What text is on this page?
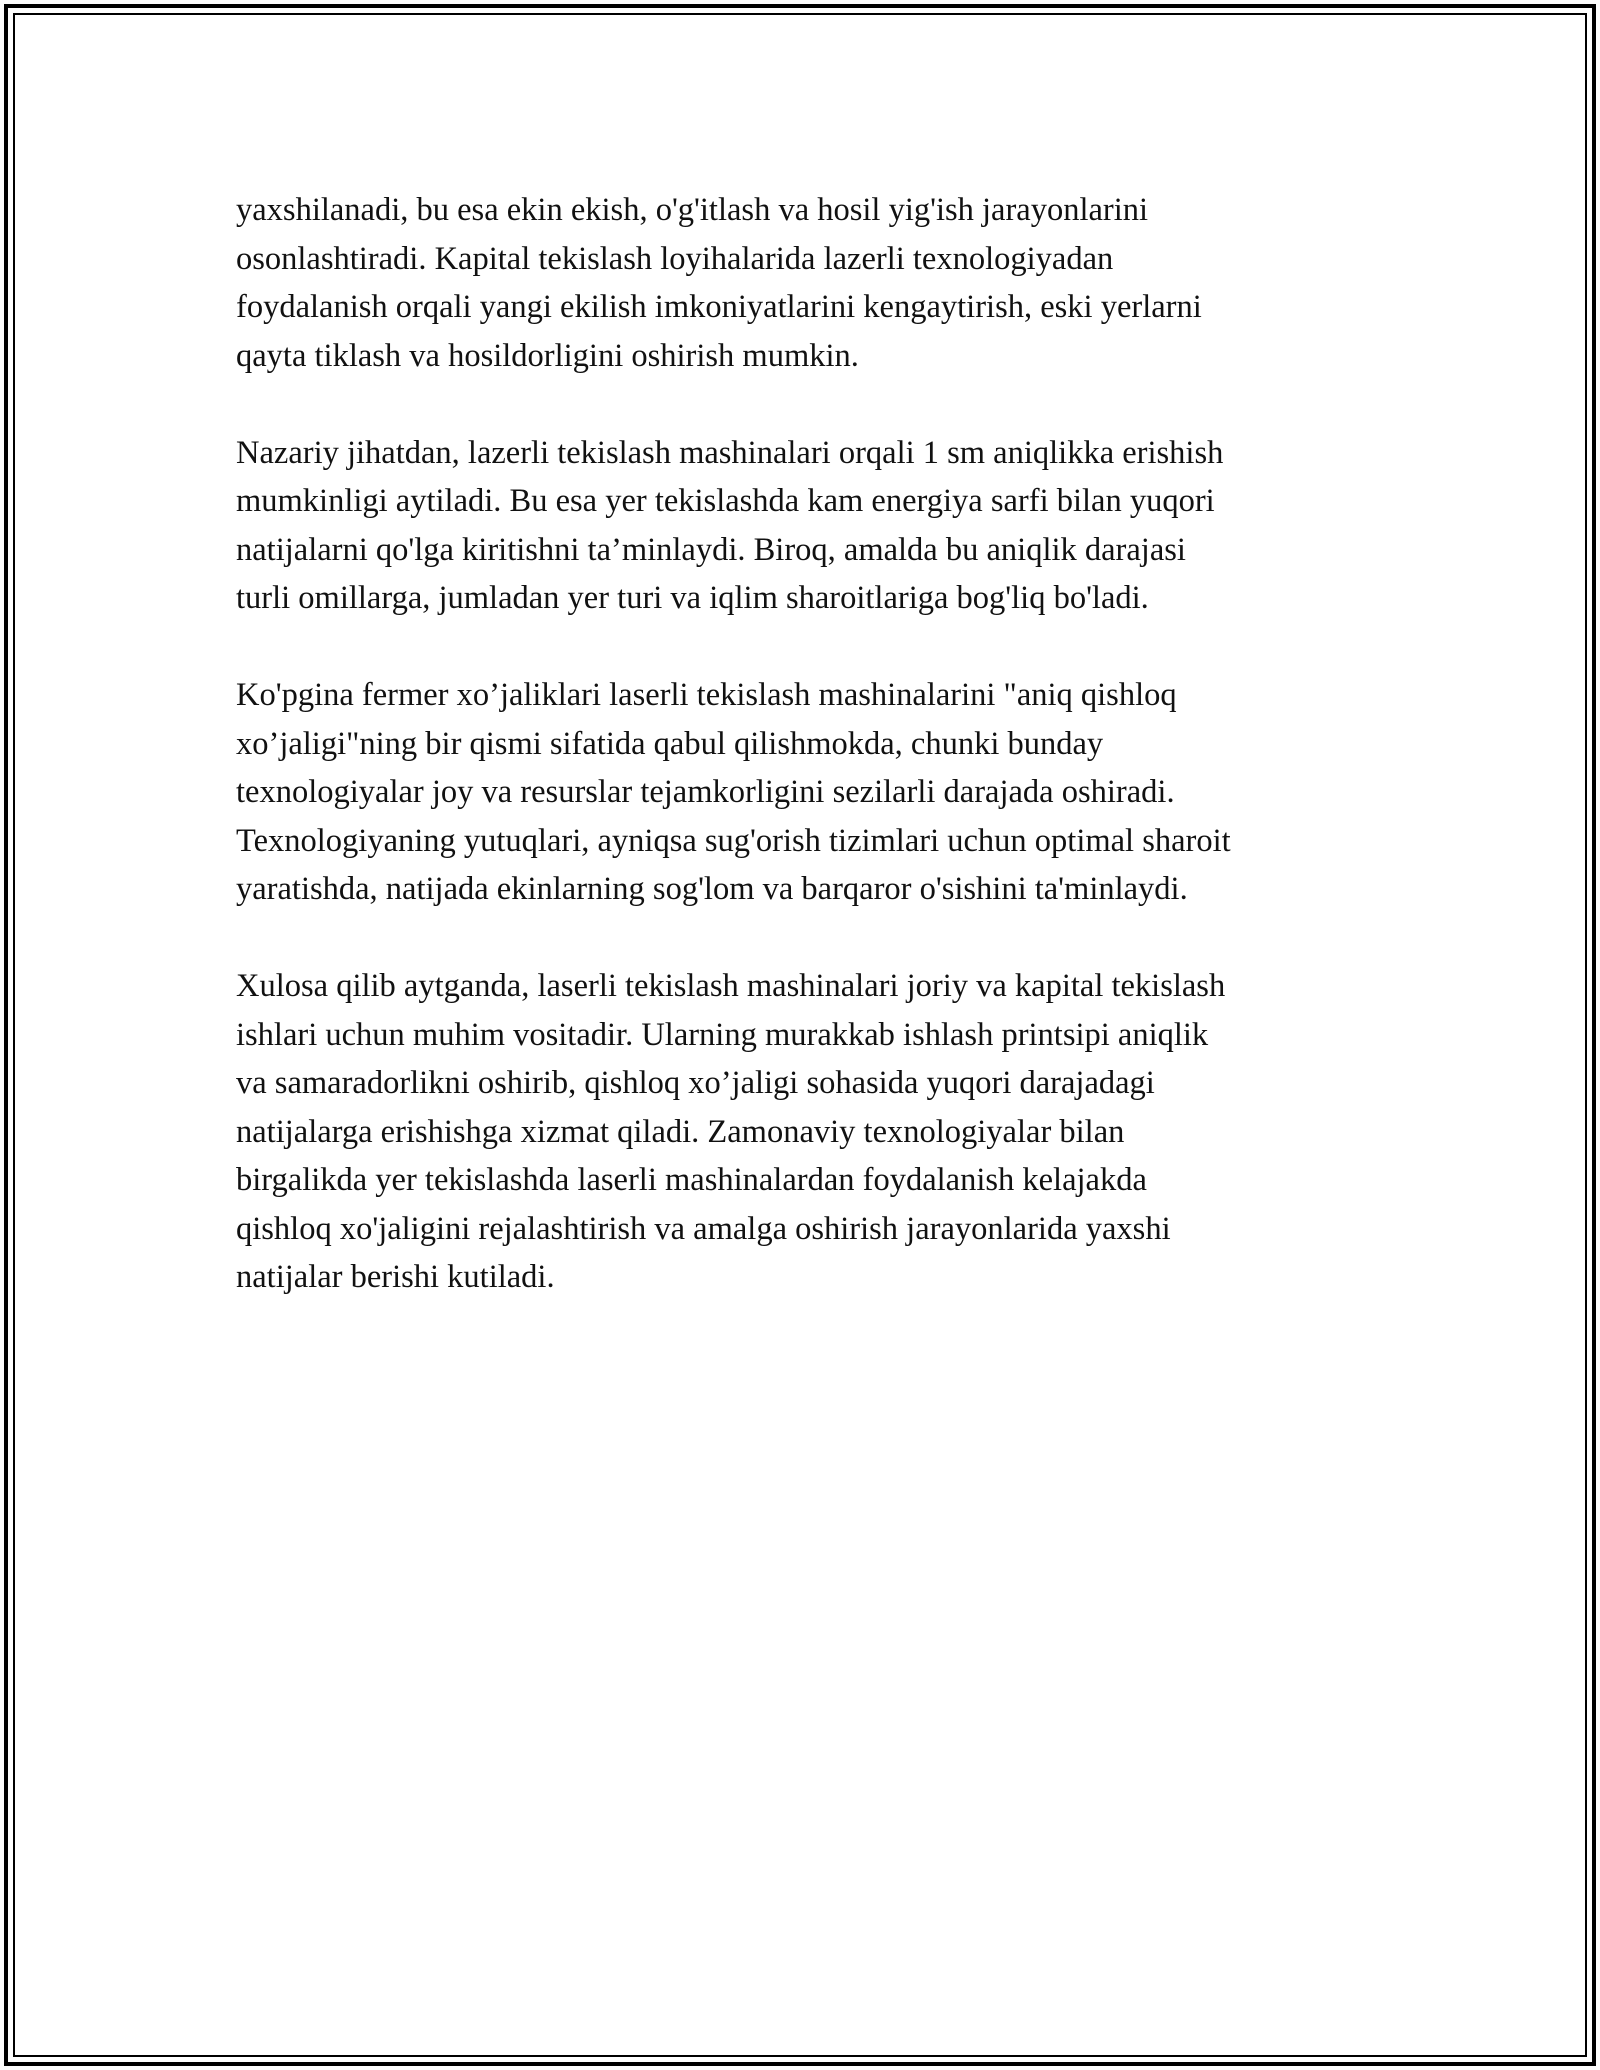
yaxshilanadi, bu esa ekin ekish, o'g'itlash va hosil yig'ish jarayonlarini
osonlashtiradi. Kapital tekislash loyihalarida lazerli texnologiyadan
foydalanish orqali yangi ekilish imkoniyatlarini kengaytirish, eski yerlarni
qayta tiklash va hosildorligini oshirish mumkin.

Nazariy jihatdan, lazerli tekislash mashinalari orqali 1 sm aniqlikka erishish
mumkinligi aytiladi. Bu esa yer tekislashda kam energiya sarfi bilan yuqori
natijalarni qo'lga kiritishni ta’minlaydi. Biroq, amalda bu aniqlik darajasi
turli omillarga, jumladan yer turi va iqlim sharoitlariga bog'liq bo'ladi.

Ko'pgina fermer xo’jaliklari laserli tekislash mashinalarini "aniq qishloq
xo’jaligi"ning bir qismi sifatida qabul qilishmokda, chunki bunday
texnologiyalar joy va resurslar tejamkorligini sezilarli darajada oshiradi.
Texnologiyaning yutuqlari, ayniqsa sug'orish tizimlari uchun optimal sharoit
yaratishda, natijada ekinlarning sog'lom va barqaror o'sishini ta'minlaydi.

Xulosa qilib aytganda, laserli tekislash mashinalari joriy va kapital tekislash
ishlari uchun muhim vositadir. Ularning murakkab ishlash printsipi aniqlik
va samaradorlikni oshirib, qishloq xo’jaligi sohasida yuqori darajadagi
natijalarga erishishga xizmat qiladi. Zamonaviy texnologiyalar bilan
birgalikda yer tekislashda laserli mashinalardan foydalanish kelajakda
qishloq xo'jaligini rejalashtirish va amalga oshirish jarayonlarida yaxshi
natijalar berishi kutiladi.
